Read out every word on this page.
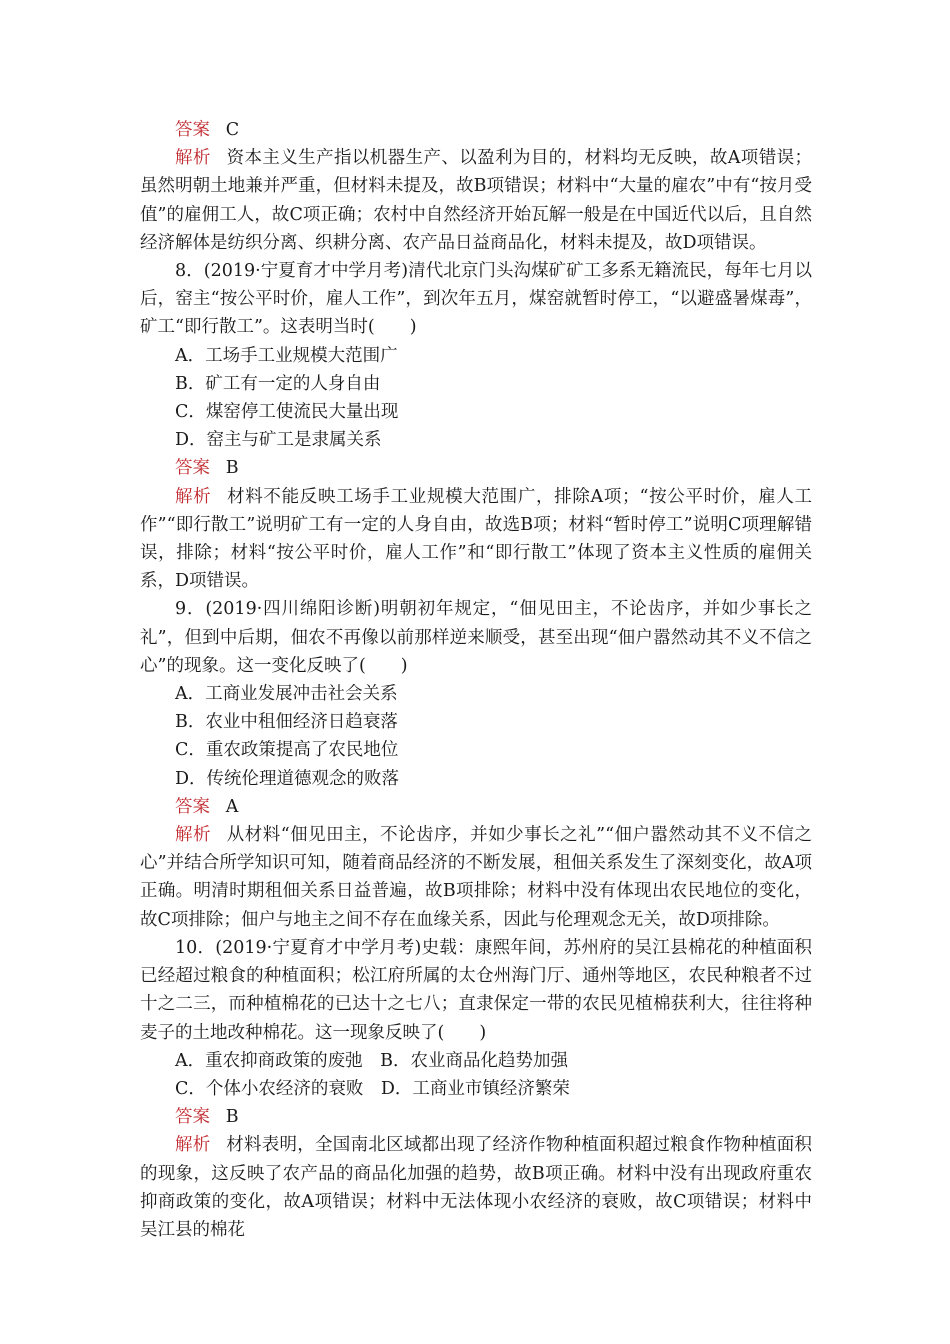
答案 C

解析 资本主义生产指以机器生产、以盈利为目的，材料均无反映，故A项错误；虽然明朝土地兼并严重，但材料未提及，故B项错误；材料中“大量的雇农”中有“按月受值”的雇佣工人，故C项正确；农村中自然经济开始瓦解一般是在中国近代以后，且自然经济解体是纺织分离、织耕分离、农产品日益商品化，材料未提及，故D项错误。

8．(2019·宁夏育才中学月考)清代北京门头沟煤矿矿工多系无籍流民，每年七月以后，窑主“按公平时价，雇人工作”，到次年五月，煤窑就暂时停工，“以避盛暑煤毒”，矿工“即行散工”。这表明当时(　　)

A．工场手工业规模大范围广

B．矿工有一定的人身自由

C．煤窑停工使流民大量出现

D．窑主与矿工是隶属关系

答案 B

解析 材料不能反映工场手工业规模大范围广，排除A项；“按公平时价，雇人工作”“即行散工”说明矿工有一定的人身自由，故选B项；材料“暂时停工”说明C项理解错误，排除；材料“按公平时价，雇人工作”和“即行散工”体现了资本主义性质的雇佣关系，D项错误。

9．(2019·四川绵阳诊断)明朝初年规定，“佃见田主，不论齿序，并如少事长之礼”，但到中后期，佃农不再像以前那样逆来顺受，甚至出现“佃户嚣然动其不义不信之心”的现象。这一变化反映了(　　)

A．工商业发展冲击社会关系

B．农业中租佃经济日趋衰落

C．重农政策提高了农民地位

D．传统伦理道德观念的败落

答案 A

解析 从材料“佃见田主，不论齿序，并如少事长之礼”“佃户嚣然动其不义不信之心”并结合所学知识可知，随着商品经济的不断发展，租佃关系发生了深刻变化，故A项正确。明清时期租佃关系日益普遍，故B项排除；材料中没有体现出农民地位的变化，故C项排除；佃户与地主之间不存在血缘关系，因此与伦理观念无关，故D项排除。

10．(2019·宁夏育才中学月考)史载：康熙年间，苏州府的吴江县棉花的种植面积已经超过粮食的种植面积；松江府所属的太仓州海门厅、通州等地区，农民种粮者不过十之二三，而种植棉花的已达十之七八；直隶保定一带的农民见植棉获利大，往往将种麦子的土地改种棉花。这一现象反映了(　　)

A．重农抑商政策的废弛 B．农业商品化趋势加强

C．个体小农经济的衰败 D．工商业市镇经济繁荣

答案 B

解析 材料表明，全国南北区域都出现了经济作物种植面积超过粮食作物种植面积的现象，这反映了农产品的商品化加强的趋势，故B项正确。材料中没有出现政府重农抑商政策的变化，故A项错误；材料中无法体现小农经济的衰败，故C项错误；材料中吴江县的棉花
